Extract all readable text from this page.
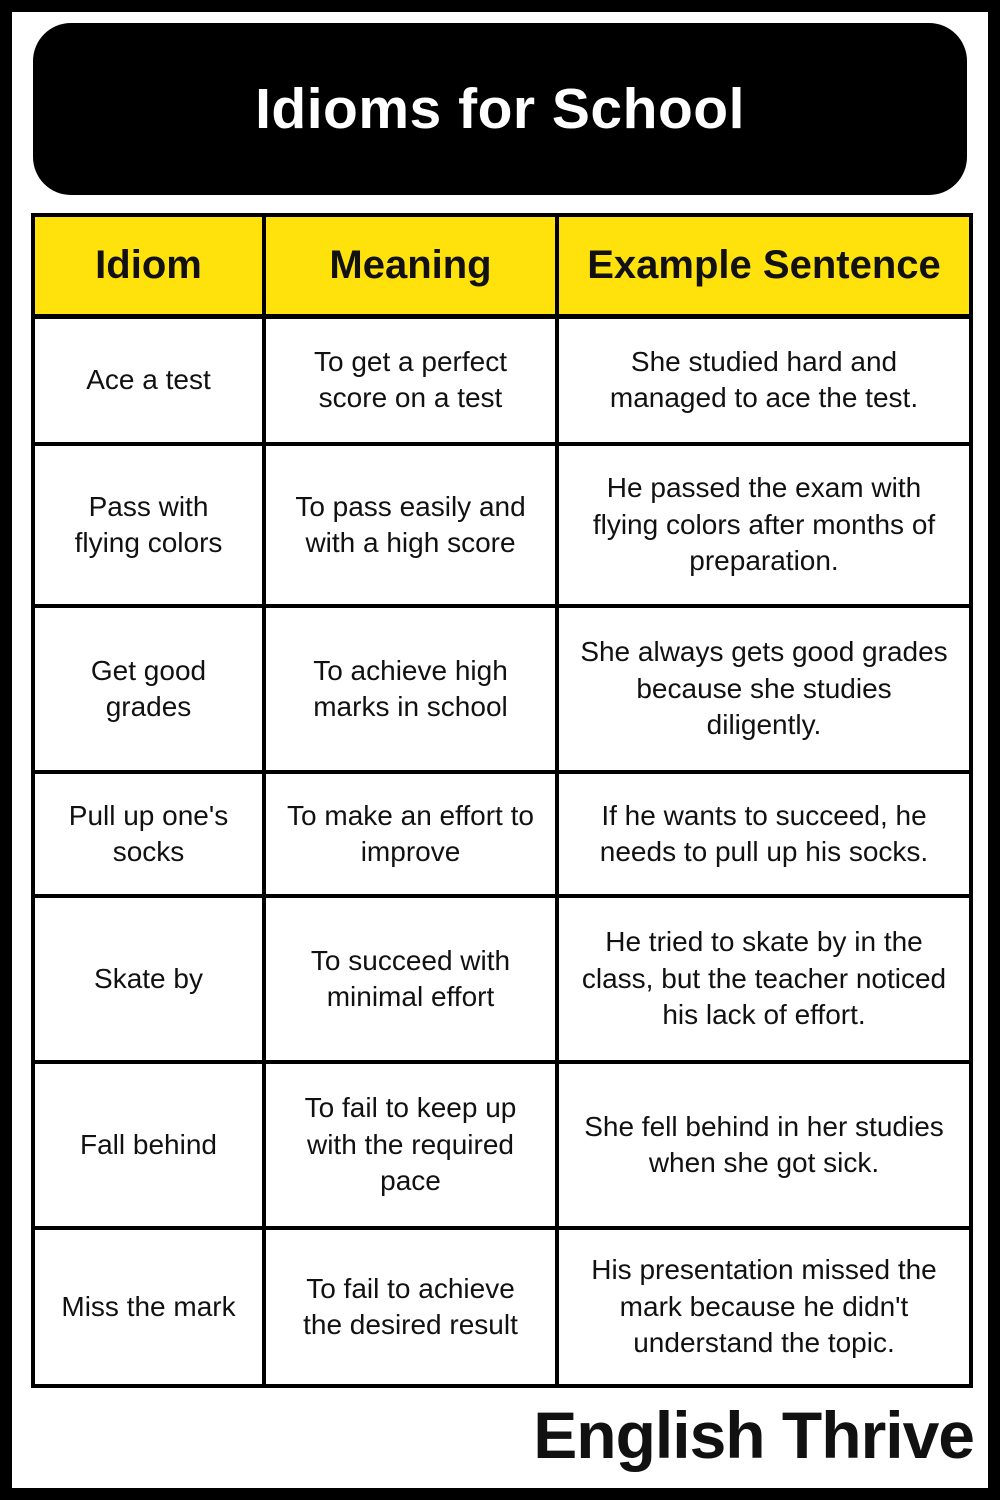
Idioms for School
Idiom	Meaning	Example Sentence
Ace a test	To get a perfect score on a test	She studied hard and managed to ace the test.
Pass with flying colors	To pass easily and with a high score	He passed the exam with flying colors after months of preparation.
Get good grades	To achieve high marks in school	She always gets good grades because she studies diligently.
Pull up one's socks	To make an effort to improve	If he wants to succeed, he needs to pull up his socks.
Skate by	To succeed with minimal effort	He tried to skate by in the class, but the teacher noticed his lack of effort.
Fall behind	To fail to keep up with the required pace	She fell behind in her studies when she got sick.
Miss the mark	To fail to achieve the desired result	His presentation missed the mark because he didn't understand the topic.
English Thrive
